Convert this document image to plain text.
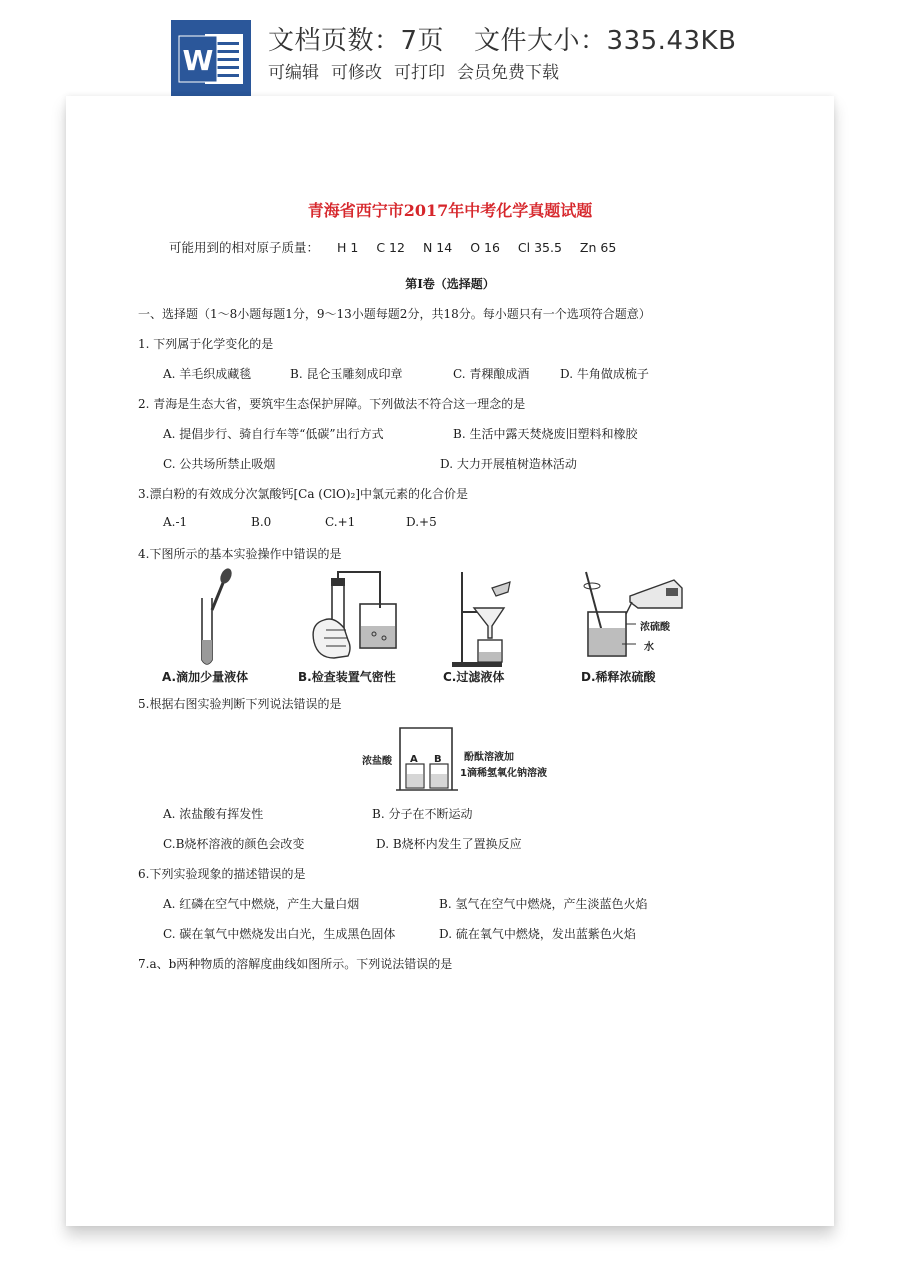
W
文档页数：7页 文件大小：335.43KB
可编辑 可修改 可打印 会员免费下载
青海省西宁市2017年中考化学真题试题
可能用到的相对原子质量： H 1 C 12 N 14 O 16 Cl 35.5 Zn 65
第Ⅰ卷（选择题）
一、选择题（1～8小题每题1分，9～13小题每题2分，共18分。每小题只有一个选项符合题意）
1. 下列属于化学变化的是
A. 羊毛织成藏毯	B. 昆仑玉雕刻成印章	C. 青稞酿成酒	D. 牛角做成梳子
2. 青海是生态大省，要筑牢生态保护屏障。下列做法不符合这一理念的是
A. 提倡步行、骑自行车等“低碳”出行方式	B. 生活中露天焚烧废旧塑料和橡胶
C. 公共场所禁止吸烟	D. 大力开展植树造林活动
3.漂白粉的有效成分次氯酸钙[Ca (ClO)₂]中氯元素的化合价是
A.-1	B.0	C.+1	D.+5
4.下图所示的基本实验操作中错误的是
A.滴加少量液体	B.检查装置气密性	C.过滤液体
浓硫酸
水
D.稀释浓硫酸
5.根据右图实验判断下列说法错误的是
浓盐酸 A B 酚酞溶液加
1滴稀氢氧化钠溶液
A. 浓盐酸有挥发性	B. 分子在不断运动
C.B烧杯溶液的颜色会改变	D. B烧杯内发生了置换反应
6.下列实验现象的描述错误的是
A. 红磷在空气中燃烧，产生大量白烟	B. 氢气在空气中燃烧，产生淡蓝色火焰
C. 碳在氧气中燃烧发出白光，生成黑色固体	D. 硫在氧气中燃烧，发出蓝紫色火焰
7.a、b两种物质的溶解度曲线如图所示。下列说法错误的是
